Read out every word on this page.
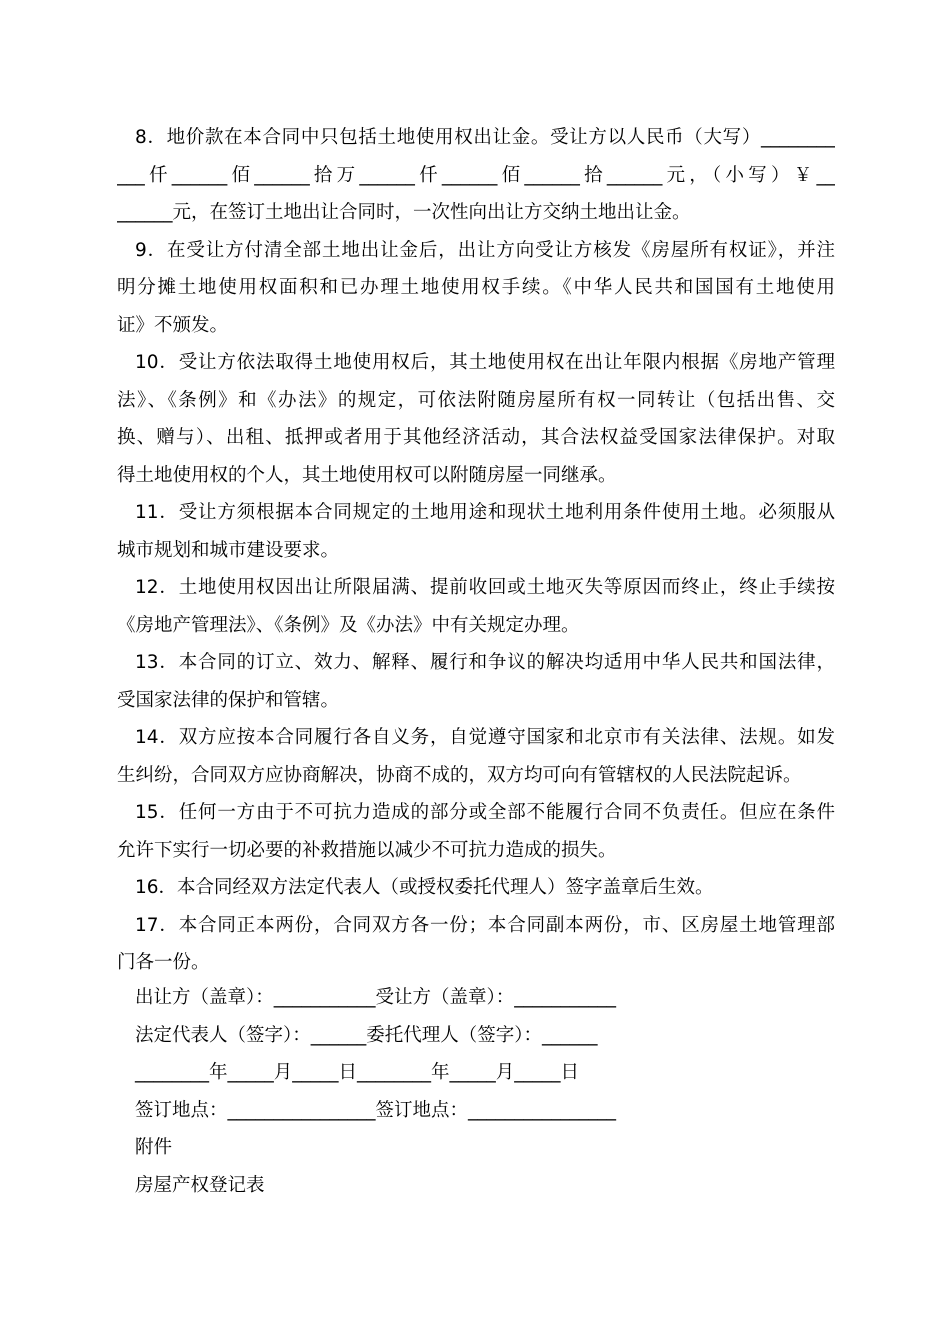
8．地价款在本合同中只包括土地使用权出让金。受让方以人民币（大写）________
___仟______佰______拾万______仟______佰______拾______元，（小写）￥__
______元，在签订土地出让合同时，一次性向出让方交纳土地出让金。
9．在受让方付清全部土地出让金后，出让方向受让方核发《房屋所有权证》，并注
明分摊土地使用权面积和已办理土地使用权手续。《中华人民共和国国有土地使用
证》不颁发。
10．受让方依法取得土地使用权后，其土地使用权在出让年限内根据《房地产管理
法》、《条例》和《办法》的规定，可依法附随房屋所有权一同转让（包括出售、交
换、赠与）、出租、抵押或者用于其他经济活动，其合法权益受国家法律保护。对取
得土地使用权的个人，其土地使用权可以附随房屋一同继承。
11．受让方须根据本合同规定的土地用途和现状土地利用条件使用土地。必须服从
城市规划和城市建设要求。
12．土地使用权因出让所限届满、提前收回或土地灭失等原因而终止，终止手续按
《房地产管理法》、《条例》及《办法》中有关规定办理。
13．本合同的订立、效力、解释、履行和争议的解决均适用中华人民共和国法律，
受国家法律的保护和管辖。
14．双方应按本合同履行各自义务，自觉遵守国家和北京市有关法律、法规。如发
生纠纷，合同双方应协商解决，协商不成的，双方均可向有管辖权的人民法院起诉。
15．任何一方由于不可抗力造成的部分或全部不能履行合同不负责任。但应在条件
允许下实行一切必要的补救措施以减少不可抗力造成的损失。
16．本合同经双方法定代表人（或授权委托代理人）签字盖章后生效。
17．本合同正本两份，合同双方各一份；本合同副本两份，市、区房屋土地管理部
门各一份。
出让方（盖章）：___________受让方（盖章）：___________
法定代表人（签字）：______委托代理人（签字）：______
________年_____月_____日________年_____月_____日
签订地点：________________签订地点：________________
附件
房屋产权登记表
